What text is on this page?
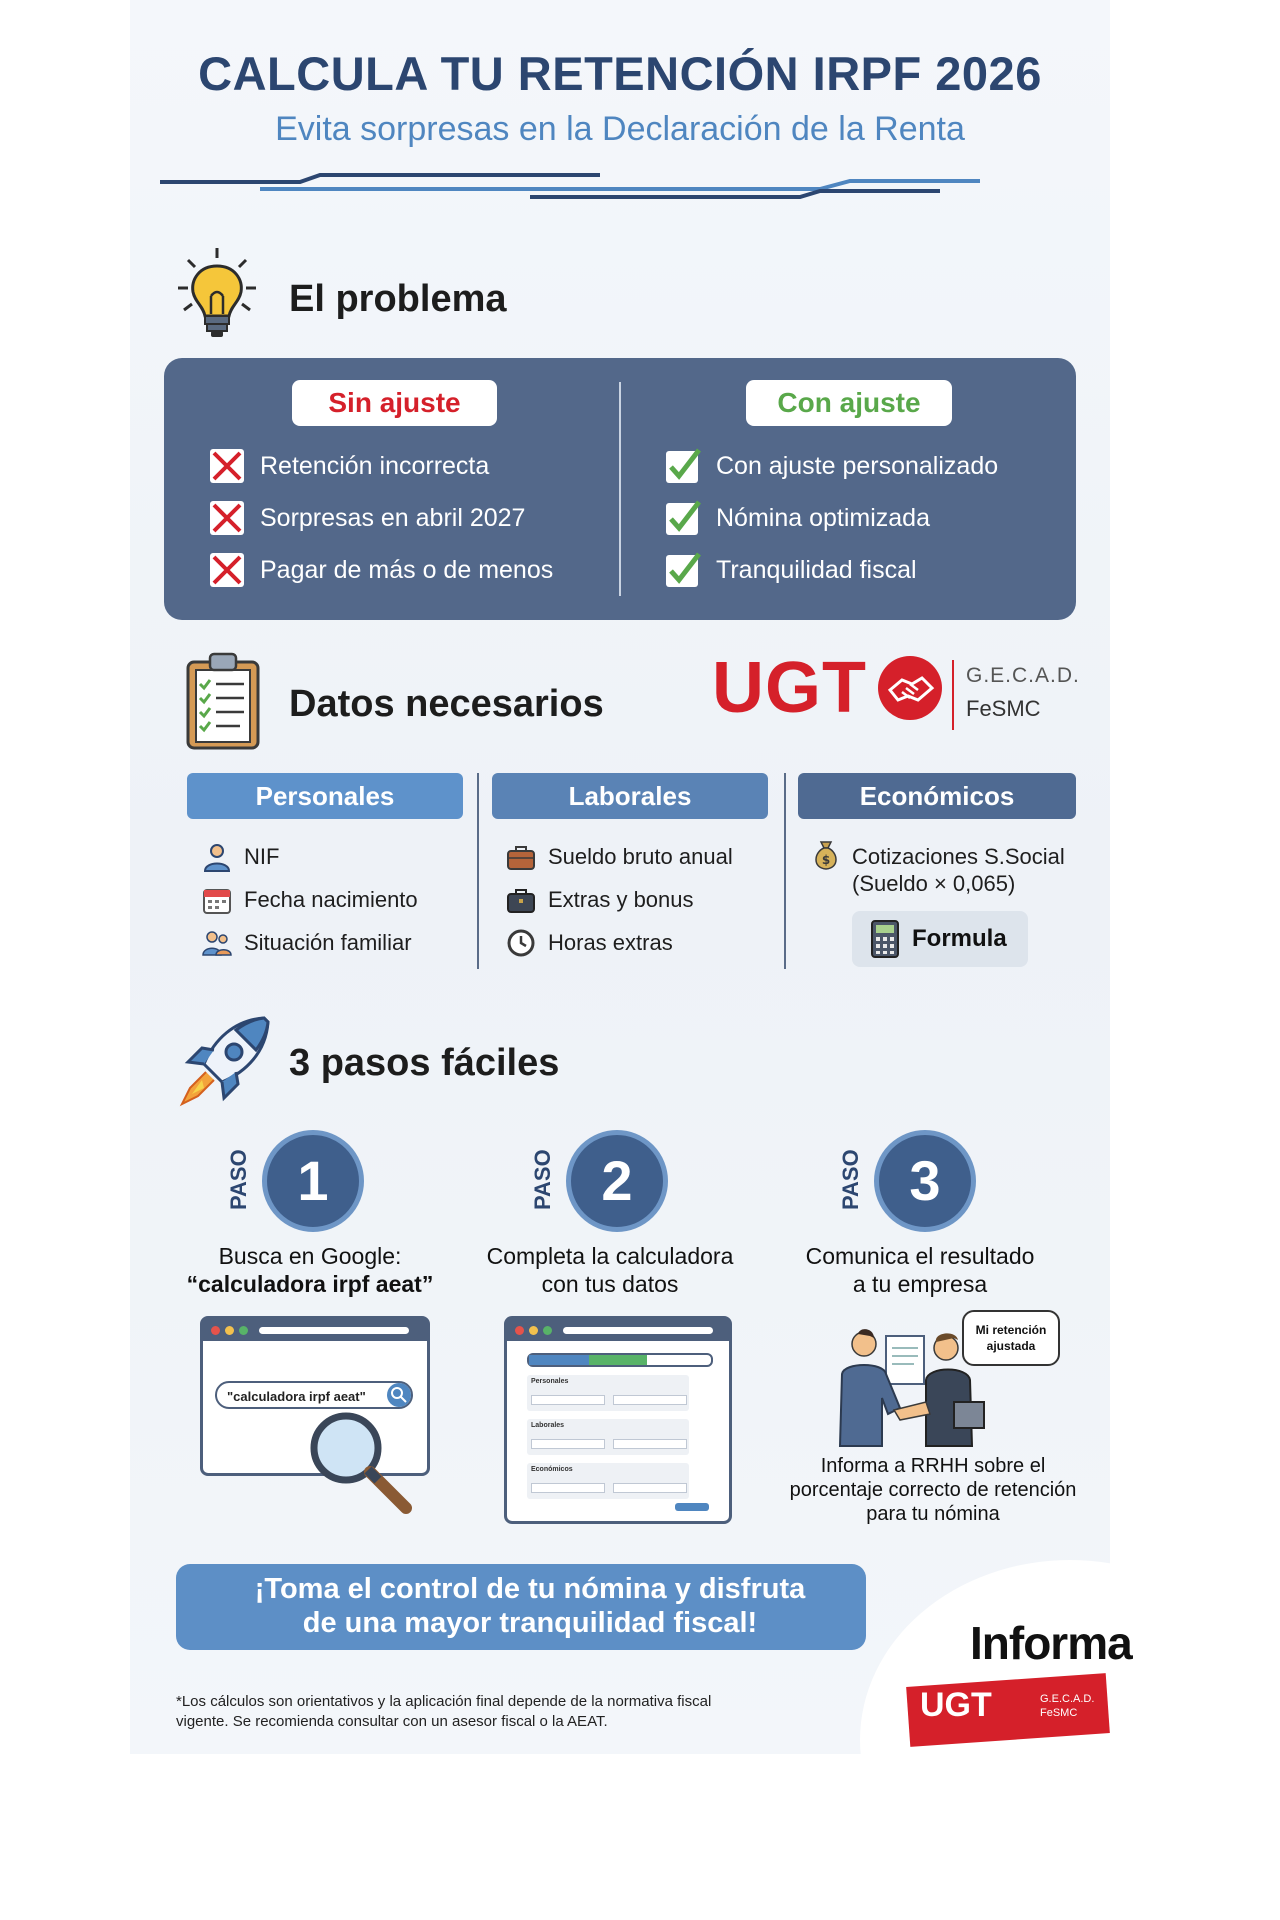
CALCULA TU RETENCIÓN IRPF 2026
Evita sorpresas en la Declaración de la Renta
El problema
Sin ajuste	Con ajuste
Retención incorrecta
Sorpresas en abril 2027
Pagar de más o de menos
Con ajuste personalizado
Nómina optimizada
Tranquilidad fiscal
Datos necesarios UGT	G.E.C.A.D.
FeSMC
Personales	Laborales	Económicos
NIF
Fecha nacimiento
Situación familiar
Sueldo bruto anual
Extras y bonus
Horas extras
$ Cotizaciones S.Social
(Sueldo × 0,065)
Formula
3 pasos fáciles
PASO 1
Busca en Google:
“calculadora irpf aeat”
"calculadora irpf aeat"
PASO 2
Completa la calculadora
con tus datos
Personales
Laborales
Económicos
PASO 3
Comunica el resultado
a tu empresa
Mi retención ajustada
Informa a RRHH sobre el porcentaje correcto de retención para tu nómina
¡Toma el control de tu nómina y disfruta
de una mayor tranquilidad fiscal!
*Los cálculos son orientativos y la aplicación final depende de la normativa fiscal
vigente. Se recomienda consultar con un asesor fiscal o la AEAT.
Informa
UGT	G.E.C.A.D.
FeSMC
